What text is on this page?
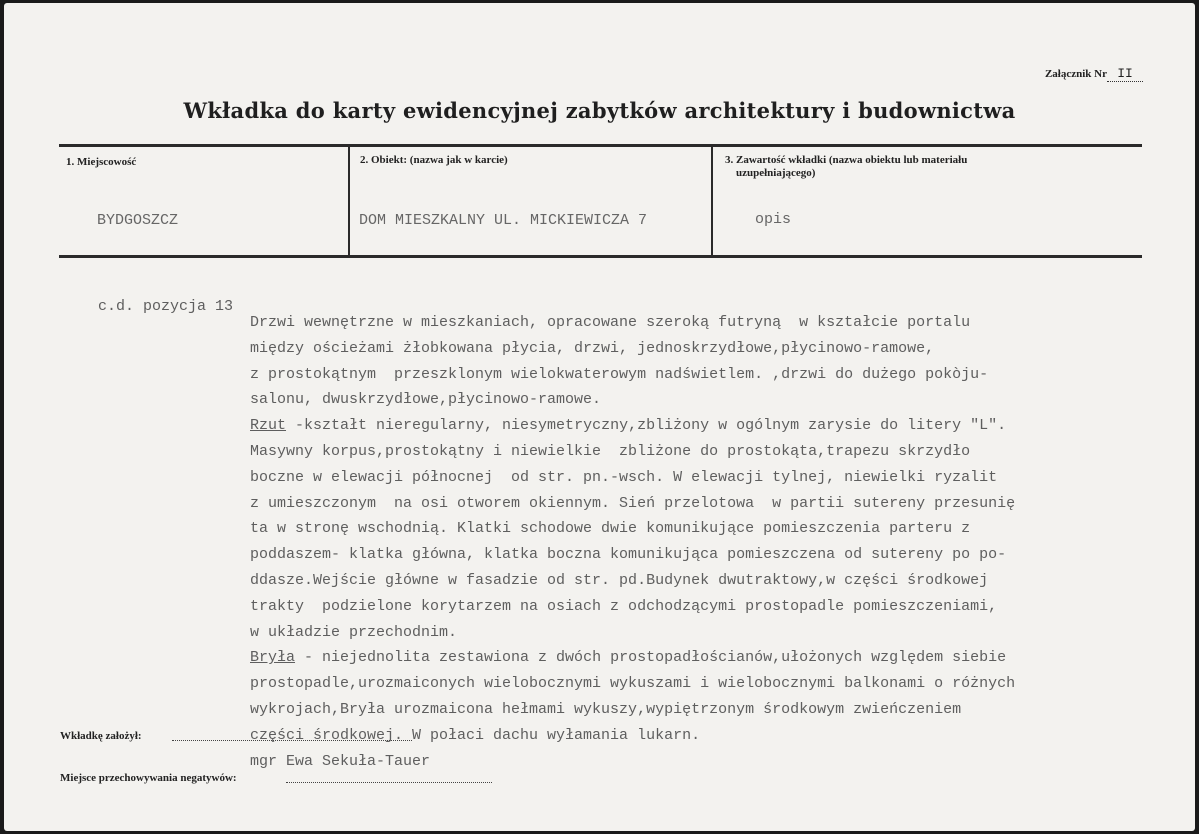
Załącznik Nr II
Wkładka do karty ewidencyjnej zabytków architektury i budownictwa
1. Miejscowość	2. Obiekt: (nazwa jak w karcie)	3. Zawartość wkładki (nazwa obiektu lub materiału
uzupełniającego)
BYDGOSZCZ	DOM MIESZKALNY UL. MICKIEWICZA 7	opis
c.d. pozycja 13
Drzwi wewnętrzne w mieszkaniach, opracowane szeroką futryną  w kształcie portalu
między ościeżami żłobkowana płycia, drzwi, jednoskrzydłowe,płycinowo-ramowe,
z prostokątnym  przeszklonym wielokwaterowym nadświetlem. ,drzwi do dużego pokòju-
salonu, dwuskrzydłowe,płycinowo-ramowe.
Rzut -kształt nieregularny, niesymetryczny,zbliżony w ogólnym zarysie do litery "L".
Masywny korpus,prostokątny i niewielkie  zbliżone do prostokąta,trapezu skrzydło
boczne w elewacji północnej  od str. pn.-wsch. W elewacji tylnej, niewielki ryzalit
z umieszczonym  na osi otworem okiennym. Sień przelotowa  w partii sutereny przesunię
ta w stronę wschodnią. Klatki schodowe dwie komunikujące pomieszczenia parteru z
poddaszem- klatka główna, klatka boczna komunikująca pomieszczena od sutereny po po-
ddasze.Wejście główne w fasadzie od str. pd.Budynek dwutraktowy,w części środkowej
trakty  podzielone korytarzem na osiach z odchodzącymi prostopadle pomieszczeniami,
w układzie przechodnim.
Bryła - niejednolita zestawiona z dwóch prostopadłościanów,ułożonych względem siebie
prostopadle,urozmaiconych wielobocznymi wykuszami i wielobocznymi balkonami o różnych
wykrojach,Bryła urozmaicona hełmami wykuszy,wypiętrzonym środkowym zwieńczeniem
części środkowej. W połaci dachu wyłamania lukarn.
mgr Ewa Sekuła-Tauer
Wkładkę założył:
Miejsce przechowywania negatywów:
